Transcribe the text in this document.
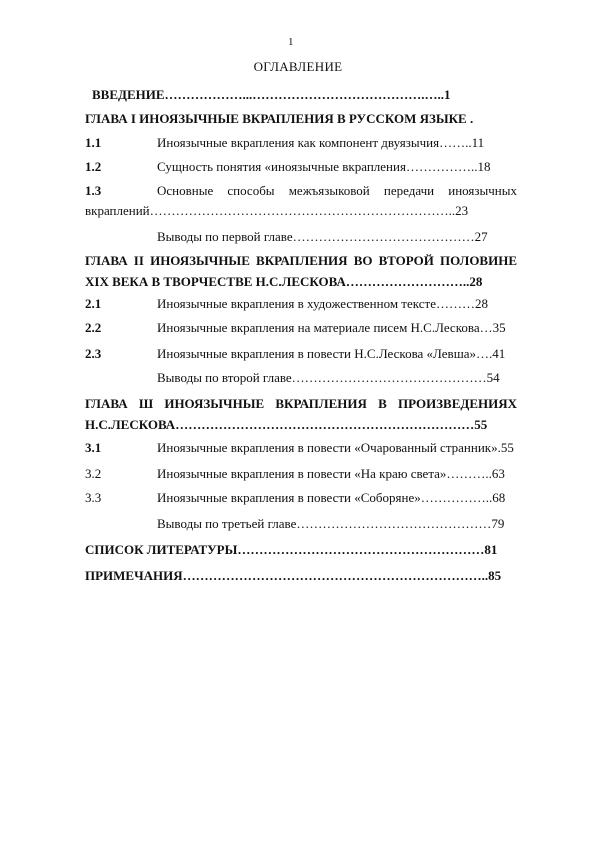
1
ОГЛАВЛЕНИЕ
ВВЕДЕНИЕ………………...………………………………….…..1
ГЛАВА I ИНОЯЗЫЧНЫЕ ВКРАПЛЕНИЯ В РУССКОМ ЯЗЫКЕ .
1.1	Иноязычные вкрапления как компонент двуязычия……..11
1.2	Сущность понятия «иноязычные вкрапления……………..18
1.3	Основные способы межъязыковой передачи иноязычных
вкраплений……………………………………………………………..23
Выводы по первой главе……………………………………27
ГЛАВА II ИНОЯЗЫЧНЫЕ ВКРАПЛЕНИЯ ВО ВТОРОЙ ПОЛОВИНЕ
XIX ВЕКА В ТВОРЧЕСТВЕ Н.С.ЛЕСКОВА………………………..28
2.1	Иноязычные вкрапления в художественном тексте………28
2.2	Иноязычные вкрапления на материале писем Н.С.Лескова…35
2.3	Иноязычные вкрапления в повести Н.С.Лескова «Левша»….41
Выводы по второй главе………………………………………54
ГЛАВА Ш ИНОЯЗЫЧНЫЕ ВКРАПЛЕНИЯ В ПРОИЗВЕДЕНИЯХ
Н.С.ЛЕСКОВА……………………………………………………………55
3.1	Иноязычные вкрапления в повести «Очарованный странник».55
3.2	Иноязычные вкрапления в повести «На краю света»………..63
3.3	Иноязычные вкрапления в повести «Соборяне»……………..68
Выводы по третьей главе………………………………………79
СПИСОК ЛИТЕРАТУРЫ…………………………………………………81
ПРИМЕЧАНИЯ……………………………………………………………..85
